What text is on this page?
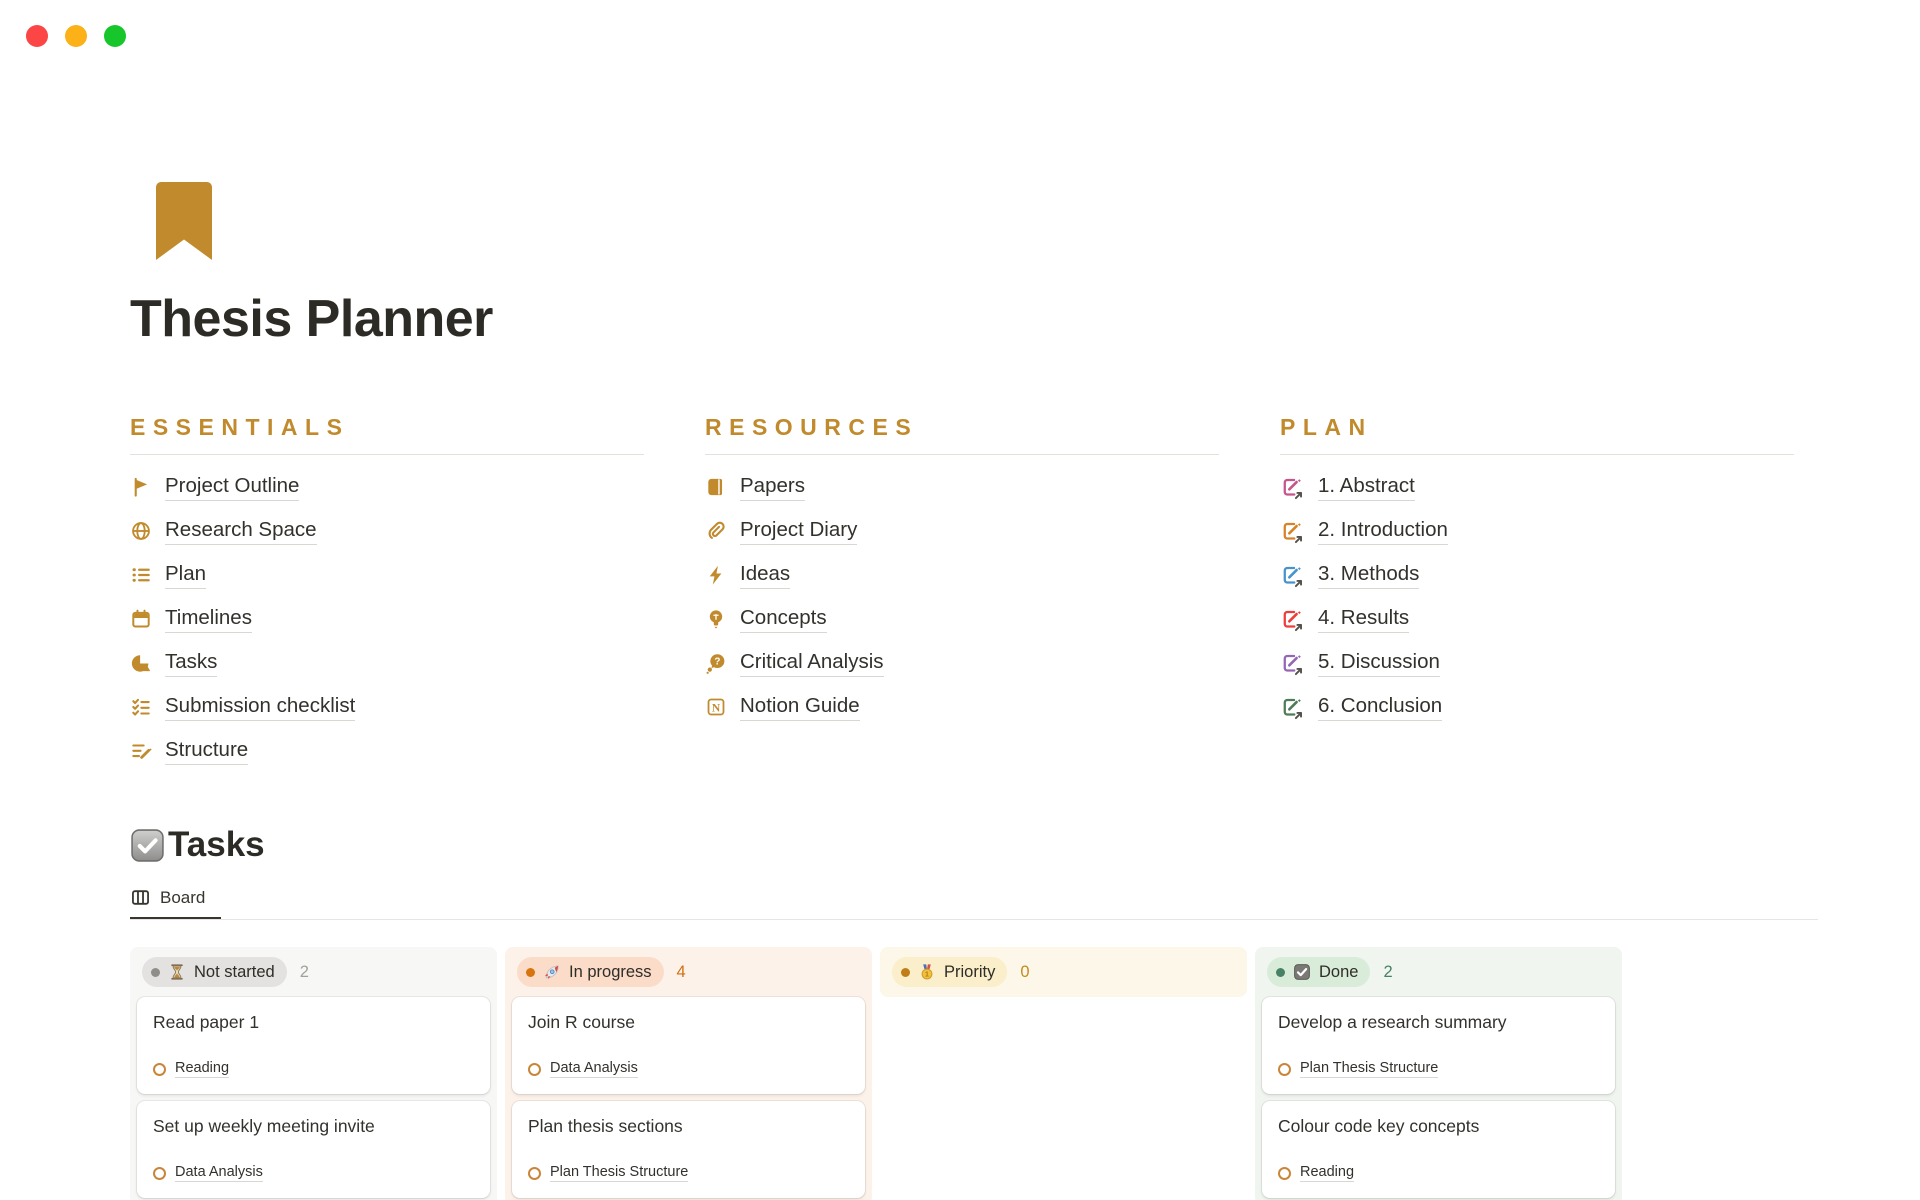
Thesis Planner
ESSENTIALS
Project Outline
Research Space
Plan
Timelines
Tasks
Submission checklist
Structure
RESOURCES
Papers
Project Diary
Ideas
Concepts
? Critical Analysis
N Notion Guide
PLAN
1. Abstract
2. Introduction
3. Methods
4. Results
5. Discussion
6. Conclusion
Tasks
Board
Not started 2
Read paper 1
Reading
Set up weekly meeting invite
Data Analysis
In progress 4
Join R course
Data Analysis
Plan thesis sections
Plan Thesis Structure
1 Priority 0	Done 2
Develop a research summary
Plan Thesis Structure
Colour code key concepts
Reading
